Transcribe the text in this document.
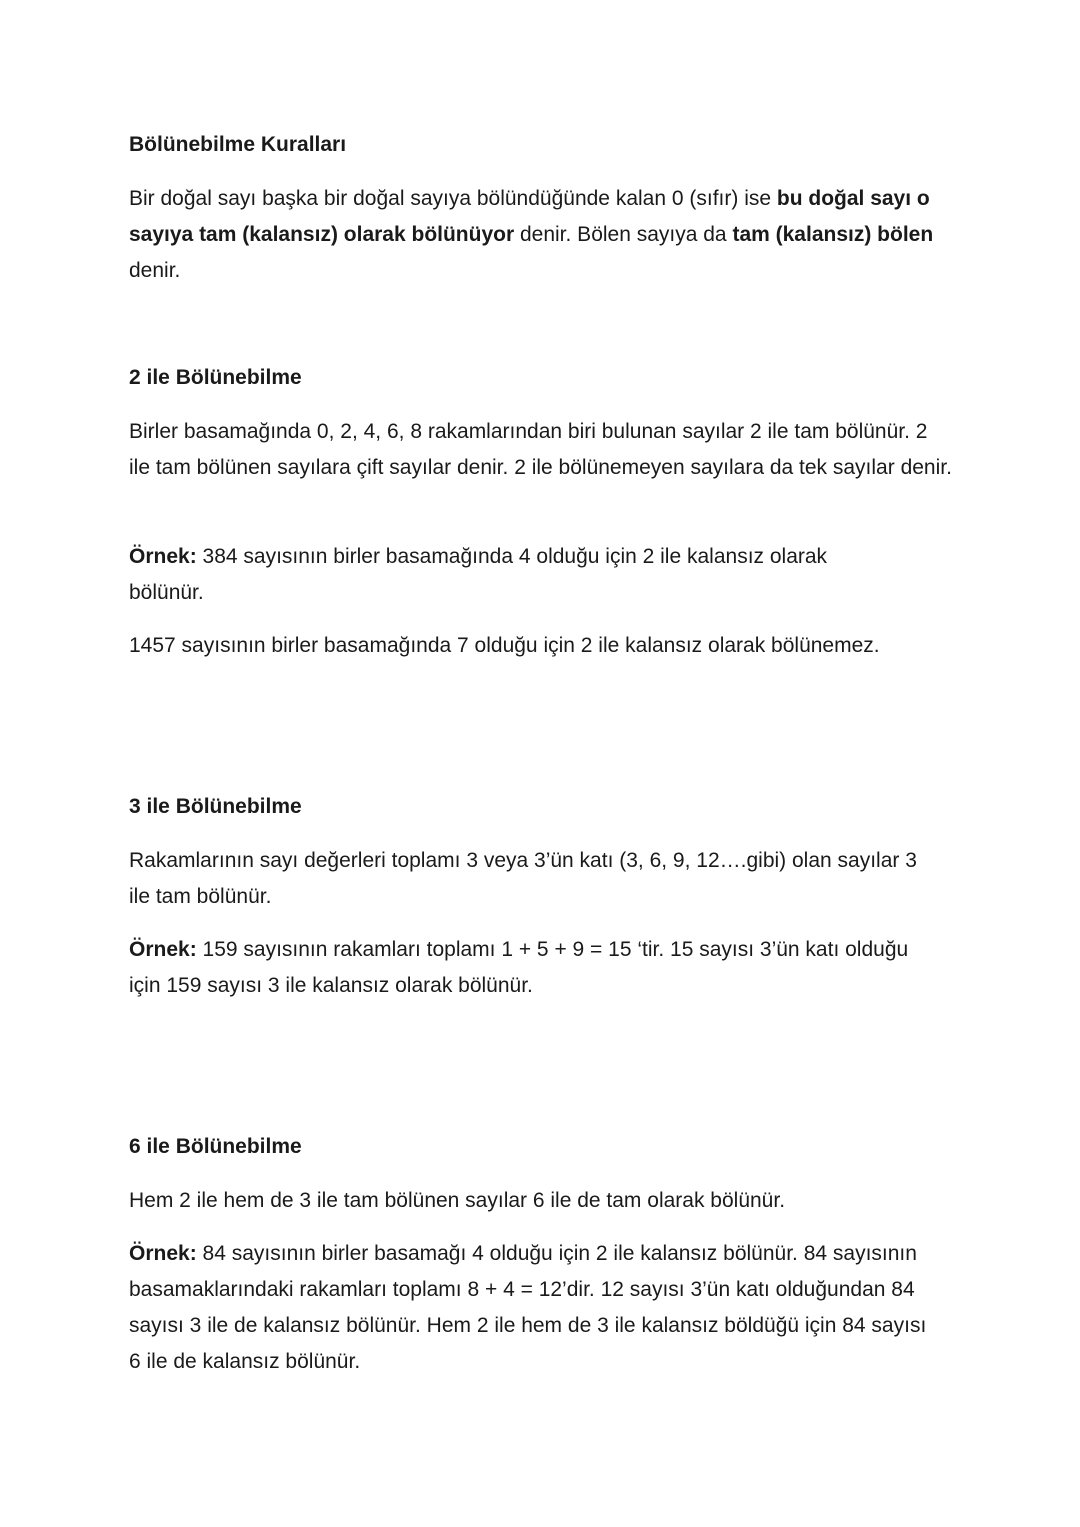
Bölünebilme Kuralları

Bir doğal sayı başka bir doğal sayıya bölündüğünde kalan 0 (sıfır) ise bu doğal sayı o sayıya tam (kalansız) olarak bölünüyor denir. Bölen sayıya da tam (kalansız) bölen denir.

2 ile Bölünebilme

Birler basamağında 0, 2, 4, 6, 8 rakamlarından biri bulunan sayılar 2 ile tam bölünür. 2 ile tam bölünen sayılara çift sayılar denir. 2 ile bölünemeyen sayılara da tek sayılar denir.

Örnek: 384 sayısının birler basamağında 4 olduğu için 2 ile kalansız olarak bölünür.

1457 sayısının birler basamağında 7 olduğu için 2 ile kalansız olarak bölünemez.

3 ile Bölünebilme

Rakamlarının sayı değerleri toplamı 3 veya 3’ün katı (3, 6, 9, 12….gibi) olan sayılar 3 ile tam bölünür.

Örnek: 159 sayısının rakamları toplamı 1 + 5 + 9 = 15 ‘tir. 15 sayısı 3’ün katı olduğu için 159 sayısı 3 ile kalansız olarak bölünür.

6 ile Bölünebilme

Hem 2 ile hem de 3 ile tam bölünen sayılar 6 ile de tam olarak bölünür.

Örnek: 84 sayısının birler basamağı 4 olduğu için 2 ile kalansız bölünür. 84 sayısının basamaklarındaki rakamları toplamı 8 + 4 = 12’dir. 12 sayısı 3’ün katı olduğundan 84 sayısı 3 ile de kalansız bölünür. Hem 2 ile hem de 3 ile kalansız böldüğü için 84 sayısı 6 ile de kalansız bölünür.
